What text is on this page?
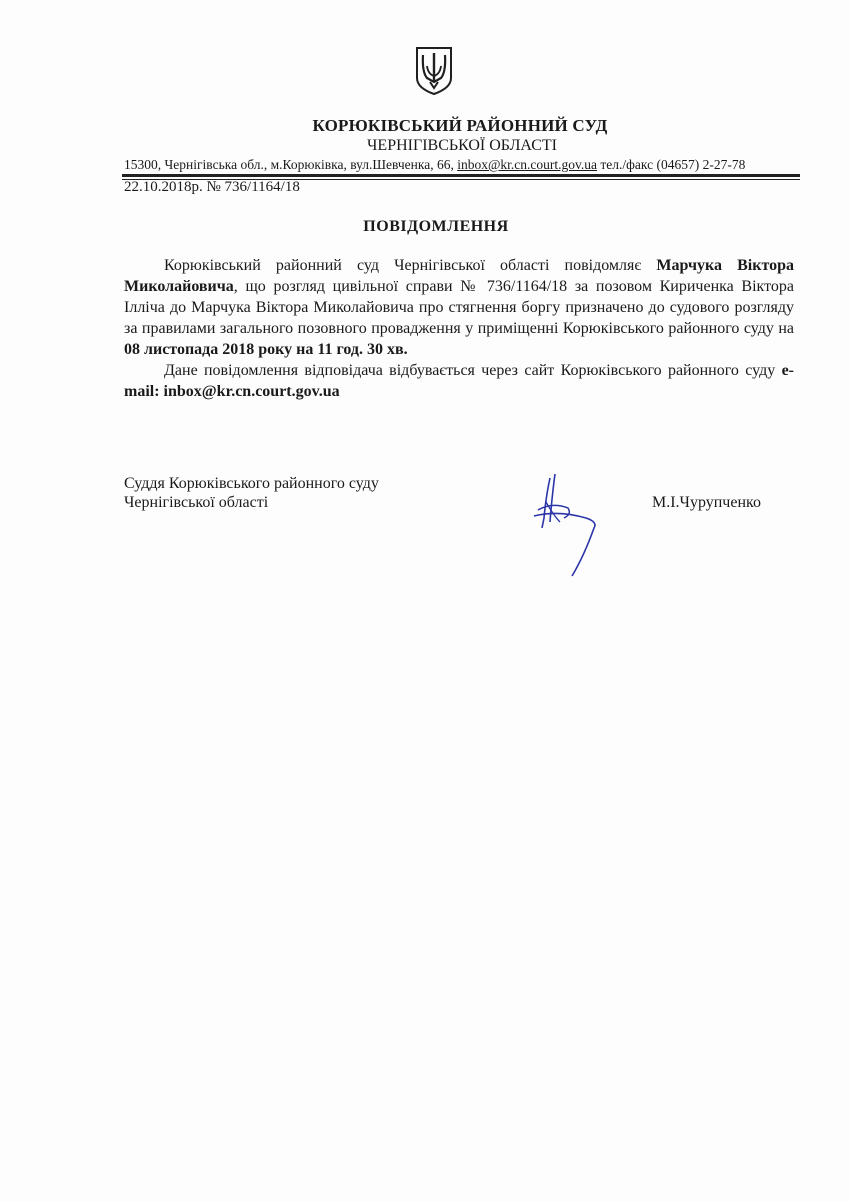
КОРЮКІВСЬКИЙ РАЙОННИЙ СУД
ЧЕРНІГІВСЬКОЇ ОБЛАСТІ
15300, Чернігівська обл., м.Корюківка, вул.Шевченка, 66, inbox@kr.cn.court.gov.ua тел./факс (04657) 2-27-78
22.10.2018р. № 736/1164/18
ПОВІДОМЛЕННЯ

Корюківський районний суд Чернігівської області повідомляє Марчука Віктора Миколайовича, що розгляд цивільної справи № 736/1164/18 за позовом Кириченка Віктора Ілліча до Марчука Віктора Миколайовича про стягнення боргу призначено до судового розгляду за правилами загального позовного провадження у приміщенні Корюківського районного суду на 08 листопада 2018 року на 11 год. 30 хв.

Дане повідомлення відповідача відбувається через сайт Корюківського районного суду e-mail: inbox@kr.cn.court.gov.ua

Суддя Корюківського районного суду
Чернігівської області	М.І.Чурупченко
